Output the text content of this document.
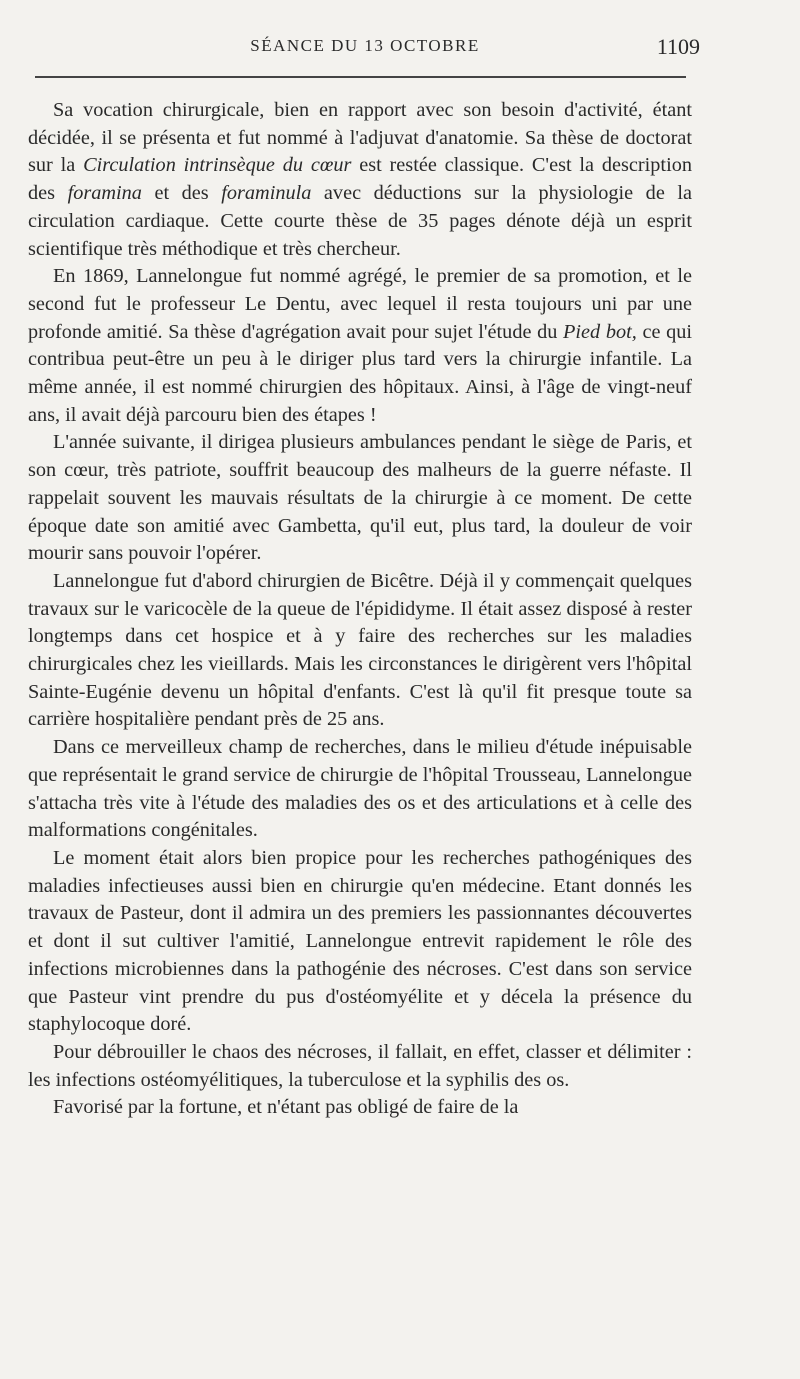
SÉANCE DU 13 OCTOBRE	1109

Sa vocation chirurgicale, bien en rapport avec son besoin d'activité, étant décidée, il se présenta et fut nommé à l'adjuvat d'anatomie. Sa thèse de doctorat sur la Circulation intrinsèque du cœur est restée classique. C'est la description des foramina et des foraminula avec déductions sur la physiologie de la circulation cardiaque. Cette courte thèse de 35 pages dénote déjà un esprit scientifique très méthodique et très chercheur.

En 1869, Lannelongue fut nommé agrégé, le premier de sa promotion, et le second fut le professeur Le Dentu, avec lequel il resta toujours uni par une profonde amitié. Sa thèse d'agrégation avait pour sujet l'étude du Pied bot, ce qui contribua peut-être un peu à le diriger plus tard vers la chirurgie infantile. La même année, il est nommé chirurgien des hôpitaux. Ainsi, à l'âge de vingt-neuf ans, il avait déjà parcouru bien des étapes !

L'année suivante, il dirigea plusieurs ambulances pendant le siège de Paris, et son cœur, très patriote, souffrit beaucoup des malheurs de la guerre néfaste. Il rappelait souvent les mauvais résultats de la chirurgie à ce moment. De cette époque date son amitié avec Gambetta, qu'il eut, plus tard, la douleur de voir mourir sans pouvoir l'opérer.

Lannelongue fut d'abord chirurgien de Bicêtre. Déjà il y commençait quelques travaux sur le varicocèle de la queue de l'épididyme. Il était assez disposé à rester longtemps dans cet hospice et à y faire des recherches sur les maladies chirurgicales chez les vieillards. Mais les circonstances le dirigèrent vers l'hôpital Sainte-Eugénie devenu un hôpital d'enfants. C'est là qu'il fit presque toute sa carrière hospitalière pendant près de 25 ans.

Dans ce merveilleux champ de recherches, dans le milieu d'étude inépuisable que représentait le grand service de chirurgie de l'hôpital Trousseau, Lannelongue s'attacha très vite à l'étude des maladies des os et des articulations et à celle des malformations congénitales.

Le moment était alors bien propice pour les recherches pathogéniques des maladies infectieuses aussi bien en chirurgie qu'en médecine. Etant donnés les travaux de Pasteur, dont il admira un des premiers les passionnantes découvertes et dont il sut cultiver l'amitié, Lannelongue entrevit rapidement le rôle des infections microbiennes dans la pathogénie des nécroses. C'est dans son service que Pasteur vint prendre du pus d'ostéomyélite et y décela la présence du staphylocoque doré.

Pour débrouiller le chaos des nécroses, il fallait, en effet, classer et délimiter : les infections ostéomyélitiques, la tuberculose et la syphilis des os.

Favorisé par la fortune, et n'étant pas obligé de faire de la
